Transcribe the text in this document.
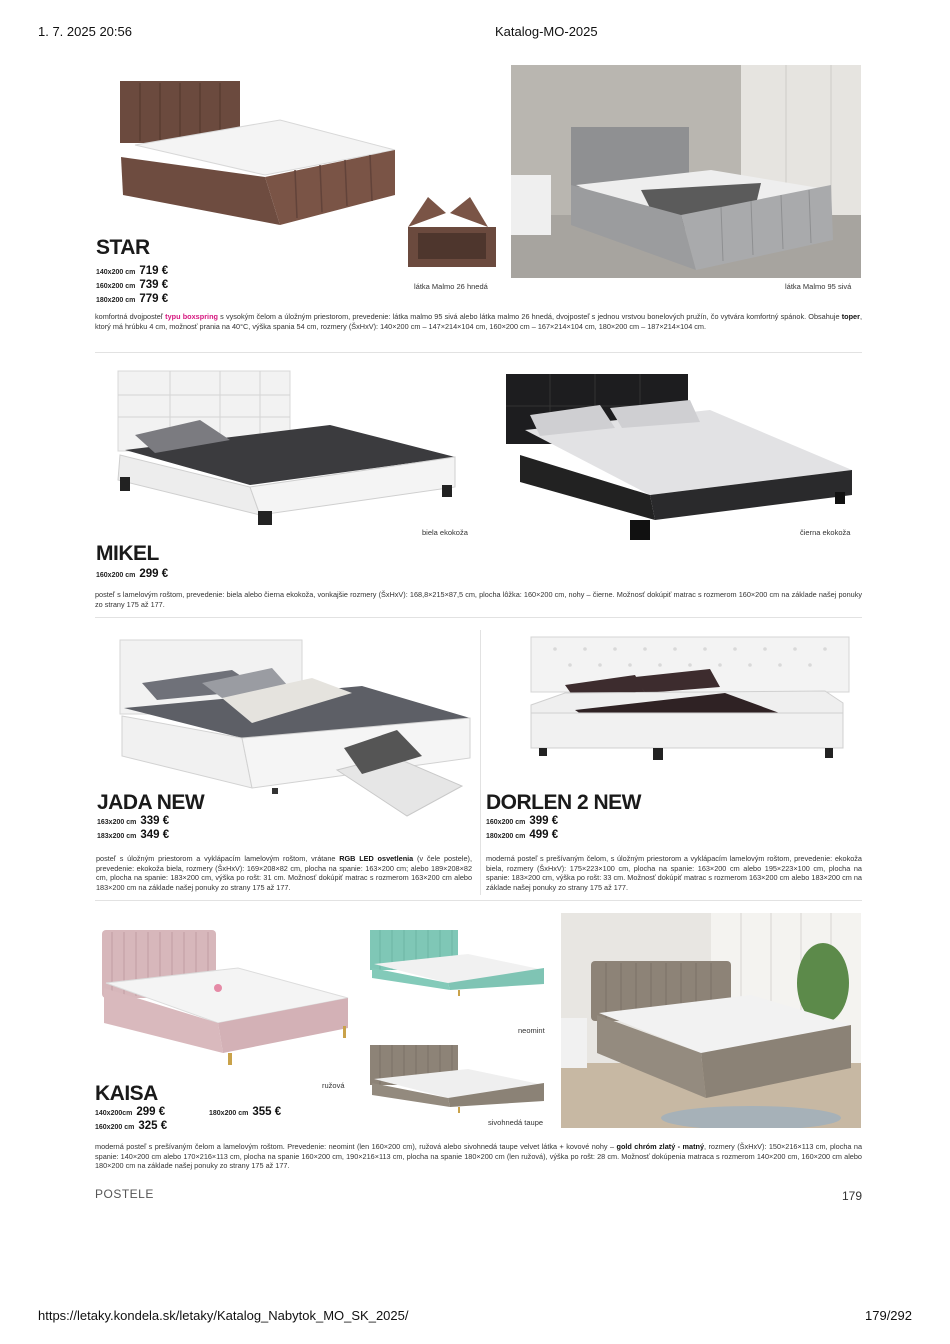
1. 7. 2025 20:56	Katalog-MO-2025
STAR
140x200 cm 719 €
160x200 cm 739 €
180x200 cm 779 €
látka Malmo 26 hnedá	látka Malmo 95 sivá
komfortná dvojposteľ typu boxspring s vysokým čelom a úložným priestorom, prevedenie: látka malmo 95 sivá alebo látka malmo 26 hnedá, dvojposteľ s jednou vrstvou bonelových pružín, čo vytvára komfortný spánok. Obsahuje toper, ktorý má hrúbku 4 cm, možnosť prania na 40°C, výška spania 54 cm, rozmery (ŠxHxV): 140×200 cm – 147×214×104 cm, 160×200 cm – 167×214×104 cm, 180×200 cm – 187×214×104 cm.
biela ekokoža	čierna ekokoža
MIKEL
160x200 cm 299 €
posteľ s lamelovým roštom, prevedenie: biela alebo čierna ekokoža, vonkajšie rozmery (ŠxHxV): 168,8×215×87,5 cm, plocha lôžka: 160×200 cm, nohy – čierne. Možnosť dokúpiť matrac s rozmerom 160×200 cm na základe našej ponuky zo strany 175 až 177.
JADA NEW
163x200 cm 339 €
183x200 cm 349 €
posteľ s úložným priestorom a vyklápacím lamelovým roštom, vrátane RGB LED osvetlenia (v čele postele), prevedenie: ekokoža biela, rozmery (ŠxHxV): 169×208×82 cm, plocha na spanie: 163×200 cm; alebo 189×208×82 cm, plocha na spanie: 183×200 cm, výška po rošt: 31 cm. Možnosť dokúpiť matrac s rozmerom 163×200 cm alebo 183×200 cm na základe našej ponuky zo strany 175 až 177.
DORLEN 2 NEW
160x200 cm 399 €
180x200 cm 499 €
moderná posteľ s prešívaným čelom, s úložným priestorom a vyklápacím lamelovým roštom, prevedenie: ekokoža biela, rozmery (ŠxHxV): 175×223×100 cm, plocha na spanie: 163×200 cm alebo 195×223×100 cm, plocha na spanie: 183×200 cm, výška po rošt: 33 cm. Možnosť dokúpiť matrac s rozmerom 163×200 cm alebo 183×200 cm na základe našej ponuky zo strany 175 až 177.
neomint
ružová
sivohnedá taupe
KAISA
140x200cm 299 €
160x200 cm 325 €
180x200 cm 355 €
moderná posteľ s prešívaným čelom a lamelovým roštom. Prevedenie: neomint (len 160×200 cm), ružová alebo sivohnedá taupe velvet látka + kovové nohy – gold chróm zlatý - matný, rozmery (ŠxHxV): 150×216×113 cm, plocha na spanie: 140×200 cm alebo 170×216×113 cm, plocha na spanie 160×200 cm, 190×216×113 cm, plocha na spanie 180×200 cm (len ružová), výška po rošt: 28 cm. Možnosť dokúpenia matraca s rozmerom 140×200 cm, 160×200 cm alebo 180×200 cm na základe našej ponuky zo strany 175 až 177.
POSTELE	179
https://letaky.kondela.sk/letaky/Katalog_Nabytok_MO_SK_2025/	179/292
